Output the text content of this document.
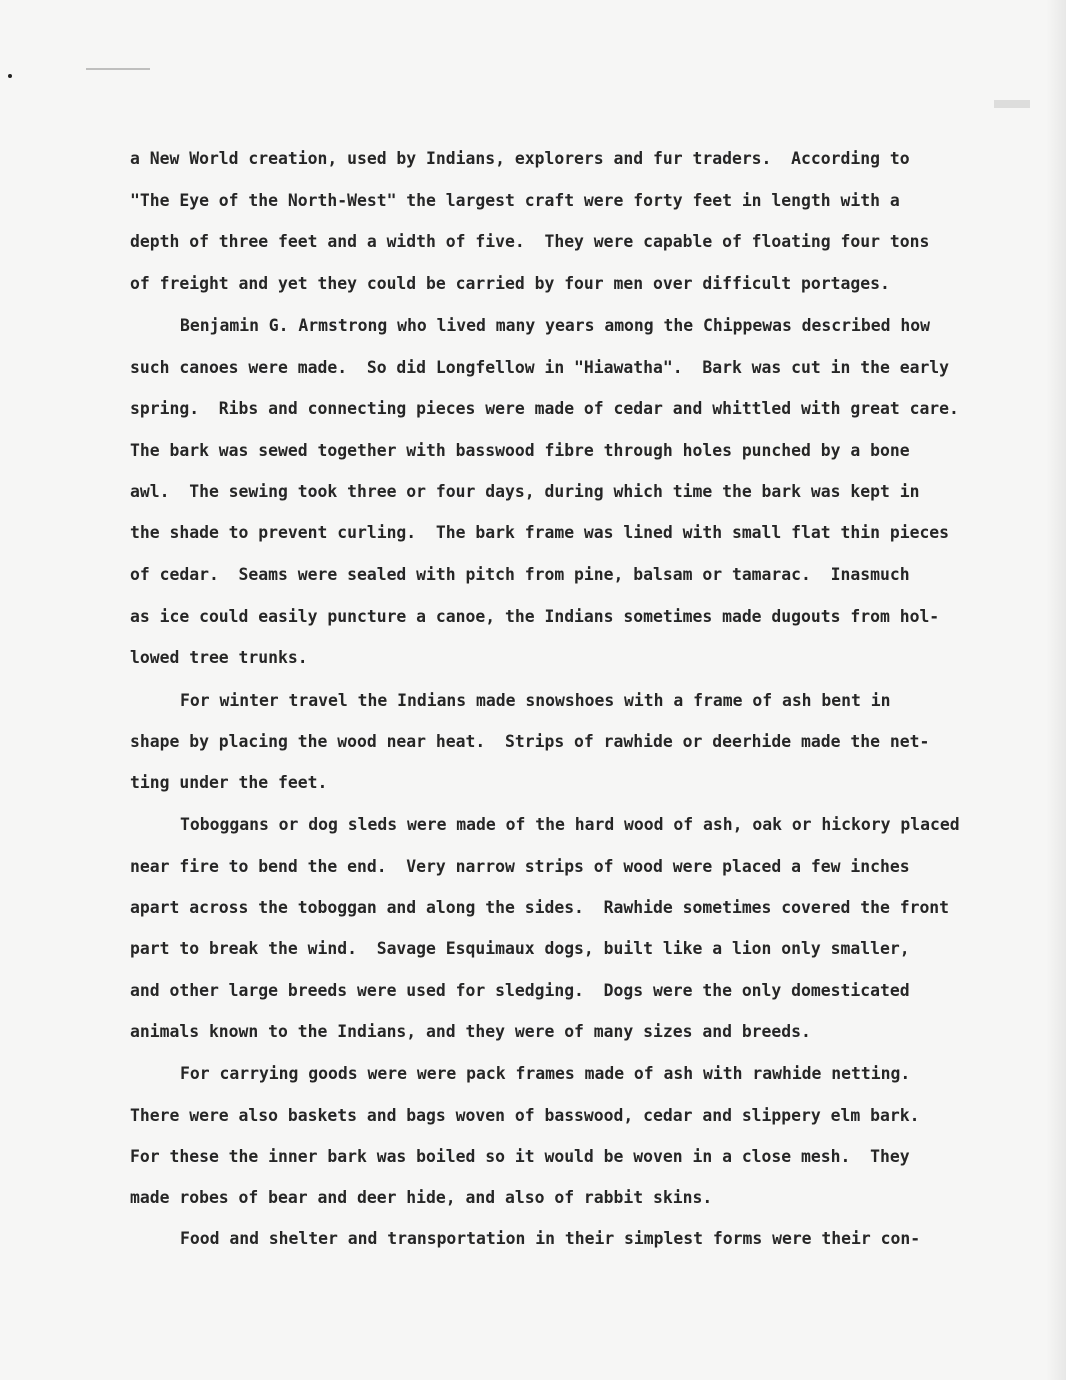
a New World creation, used by Indians, explorers and fur traders.  According to
"The Eye of the North-West" the largest craft were forty feet in length with a
depth of three feet and a width of five.  They were capable of floating four tons
of freight and yet they could be carried by four men over difficult portages.
Benjamin G. Armstrong who lived many years among the Chippewas described how
such canoes were made.  So did Longfellow in "Hiawatha".  Bark was cut in the early
spring.  Ribs and connecting pieces were made of cedar and whittled with great care.
The bark was sewed together with basswood fibre through holes punched by a bone
awl.  The sewing took three or four days, during which time the bark was kept in
the shade to prevent curling.  The bark frame was lined with small flat thin pieces
of cedar.  Seams were sealed with pitch from pine, balsam or tamarac.  Inasmuch
as ice could easily puncture a canoe, the Indians sometimes made dugouts from hol-
lowed tree trunks.
For winter travel the Indians made snowshoes with a frame of ash bent in
shape by placing the wood near heat.  Strips of rawhide or deerhide made the net-
ting under the feet.
Toboggans or dog sleds were made of the hard wood of ash, oak or hickory placed
near fire to bend the end.  Very narrow strips of wood were placed a few inches
apart across the toboggan and along the sides.  Rawhide sometimes covered the front
part to break the wind.  Savage Esquimaux dogs, built like a lion only smaller,
and other large breeds were used for sledging.  Dogs were the only domesticated
animals known to the Indians, and they were of many sizes and breeds.
For carrying goods were were pack frames made of ash with rawhide netting.
There were also baskets and bags woven of basswood, cedar and slippery elm bark.
For these the inner bark was boiled so it would be woven in a close mesh.  They
made robes of bear and deer hide, and also of rabbit skins.
Food and shelter and transportation in their simplest forms were their con-
